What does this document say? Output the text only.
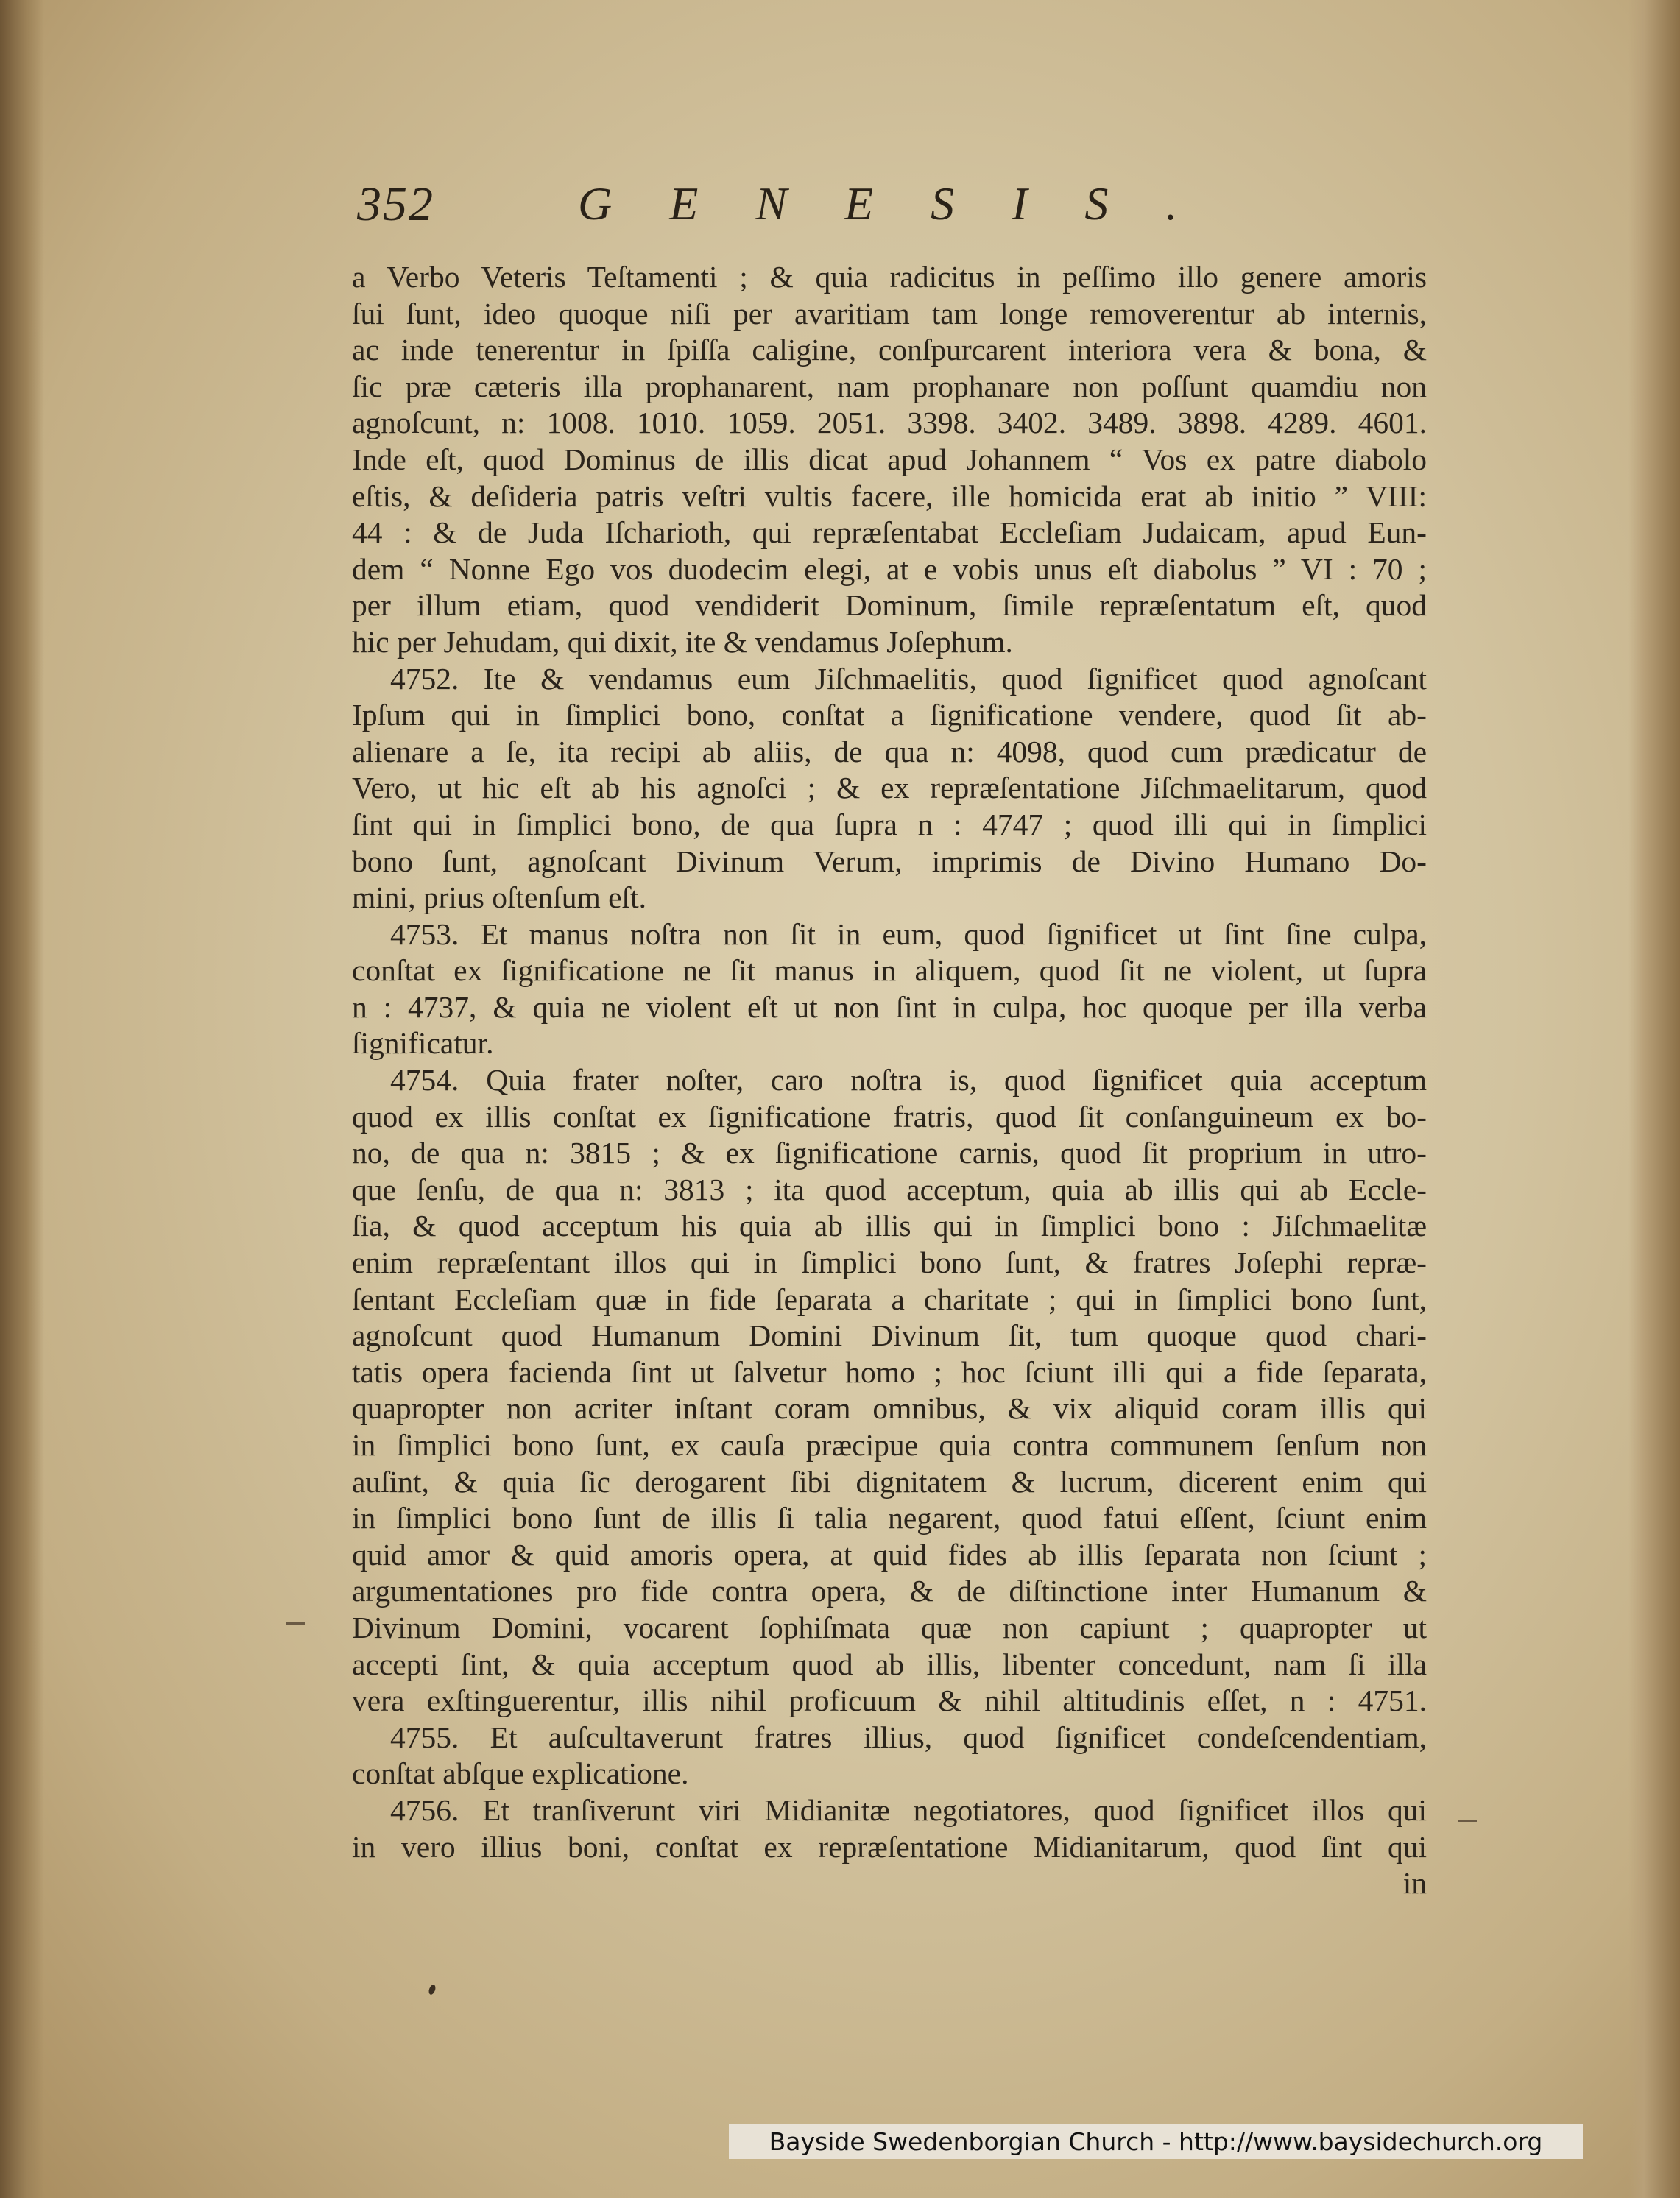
352	GENESIS.
a Verbo Veteris Teſtamenti ; & quia radicitus in peſſimo illo genere amoris
ſui ſunt, ideo quoque niſi per avaritiam tam longe removerentur ab internis,
ac inde tenerentur in ſpiſſa caligine, conſpurcarent interiora vera & bona, &
ſic præ cæteris illa prophanarent, nam prophanare non poſſunt quamdiu non
agnoſcunt, n: 1008. 1010. 1059. 2051. 3398. 3402. 3489. 3898. 4289. 4601.
Inde eſt, quod Dominus de illis dicat apud Johannem “ Vos ex patre diabolo
eſtis, & deſideria patris veſtri vultis facere, ille homicida erat ab initio ” VIII:
44 : & de Juda Iſcharioth, qui repræſentabat Eccleſiam Judaicam, apud Eun-
dem “ Nonne Ego vos duodecim elegi, at e vobis unus eſt diabolus ” VI : 70 ;
per illum etiam, quod vendiderit Dominum, ſimile repræſentatum eſt, quod
hic per Jehudam, qui dixit, ite & vendamus Joſephum.
4752. Ite & vendamus eum Jiſchmaelitis, quod ſignificet quod agnoſcant
Ipſum qui in ſimplici bono, conſtat a ſignificatione vendere, quod ſit ab-
alienare a ſe, ita recipi ab aliis, de qua n: 4098, quod cum prædicatur de
Vero, ut hic eſt ab his agnoſci ; & ex repræſentatione Jiſchmaelitarum, quod
ſint qui in ſimplici bono, de qua ſupra n : 4747 ; quod illi qui in ſimplici
bono ſunt, agnoſcant Divinum Verum, imprimis de Divino Humano Do-
mini, prius oſtenſum eſt.
4753. Et manus noſtra non ſit in eum, quod ſignificet ut ſint ſine culpa,
conſtat ex ſignificatione ne ſit manus in aliquem, quod ſit ne violent, ut ſupra
n : 4737, & quia ne violent eſt ut non ſint in culpa, hoc quoque per illa verba
ſignificatur.
4754. Quia frater noſter, caro noſtra is, quod ſignificet quia acceptum
quod ex illis conſtat ex ſignificatione fratris, quod ſit conſanguineum ex bo-
no, de qua n: 3815 ; & ex ſignificatione carnis, quod ſit proprium in utro-
que ſenſu, de qua n: 3813 ; ita quod acceptum, quia ab illis qui ab Eccle-
ſia, & quod acceptum his quia ab illis qui in ſimplici bono : Jiſchmaelitæ
enim repræſentant illos qui in ſimplici bono ſunt, & fratres Joſephi repræ-
ſentant Eccleſiam quæ in fide ſeparata a charitate ; qui in ſimplici bono ſunt,
agnoſcunt quod Humanum Domini Divinum ſit, tum quoque quod chari-
tatis opera facienda ſint ut ſalvetur homo ; hoc ſciunt illi qui a fide ſeparata,
quapropter non acriter inſtant coram omnibus, & vix aliquid coram illis qui
in ſimplici bono ſunt, ex cauſa præcipue quia contra communem ſenſum non
auſint, & quia ſic derogarent ſibi dignitatem & lucrum, dicerent enim qui
in ſimplici bono ſunt de illis ſi talia negarent, quod fatui eſſent, ſciunt enim
quid amor & quid amoris opera, at quid fides ab illis ſeparata non ſciunt ;
argumentationes pro fide contra opera, & de diſtinctione inter Humanum &
Divinum Domini, vocarent ſophiſmata quæ non capiunt ; quapropter ut
accepti ſint, & quia acceptum quod ab illis, libenter concedunt, nam ſi illa
vera exſtinguerentur, illis nihil proficuum & nihil altitudinis eſſet, n : 4751.
4755. Et auſcultaverunt fratres illius, quod ſignificet condeſcendentiam,
conſtat abſque explicatione.
4756. Et tranſiverunt viri Midianitæ negotiatores, quod ſignificet illos qui
in vero illius boni, conſtat ex repræſentatione Midianitarum, quod ſint qui
in
Bayside Swedenborgian Church - http://www.baysidechurch.org
